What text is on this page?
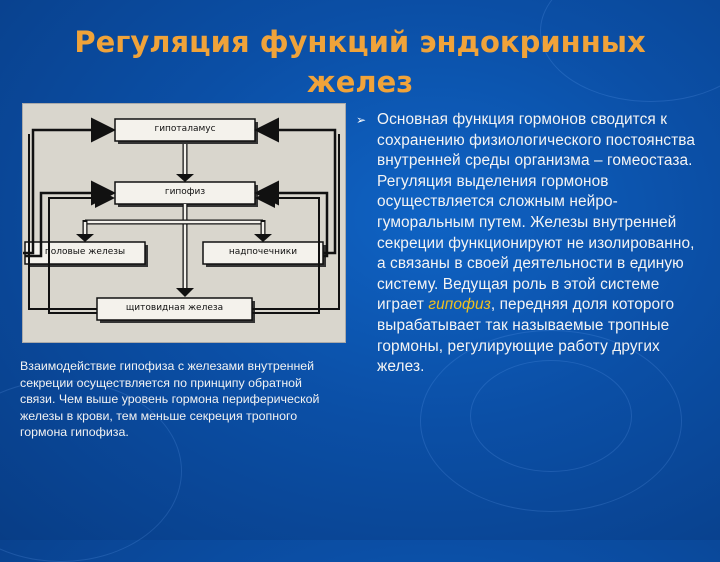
Регуляция функций эндокринных желез
гипоталамус
гипофиз
половые железы	надпочечники
щитовидная железа

Взаимодействие гипофиза с железами внутренней секреции осуществляется по принципу обратной связи. Чем выше уровень гормона периферической железы в крови, тем меньше секреция тропного гормона гипофиза.

➢ Основная функция гормонов сводится к сохранению физиологического постоянства внутренней среды организма – гомеостаза. Регуляция выделения гормонов осуществляется сложным нейро-гуморальным путем. Железы внутренней секреции функционируют не изолированно, а связаны в своей деятельности в единую систему. Ведущая роль в этой системе играет гипофиз, передняя доля которого вырабатывает так называемые тропные гормоны, регулирующие работу других желез.
